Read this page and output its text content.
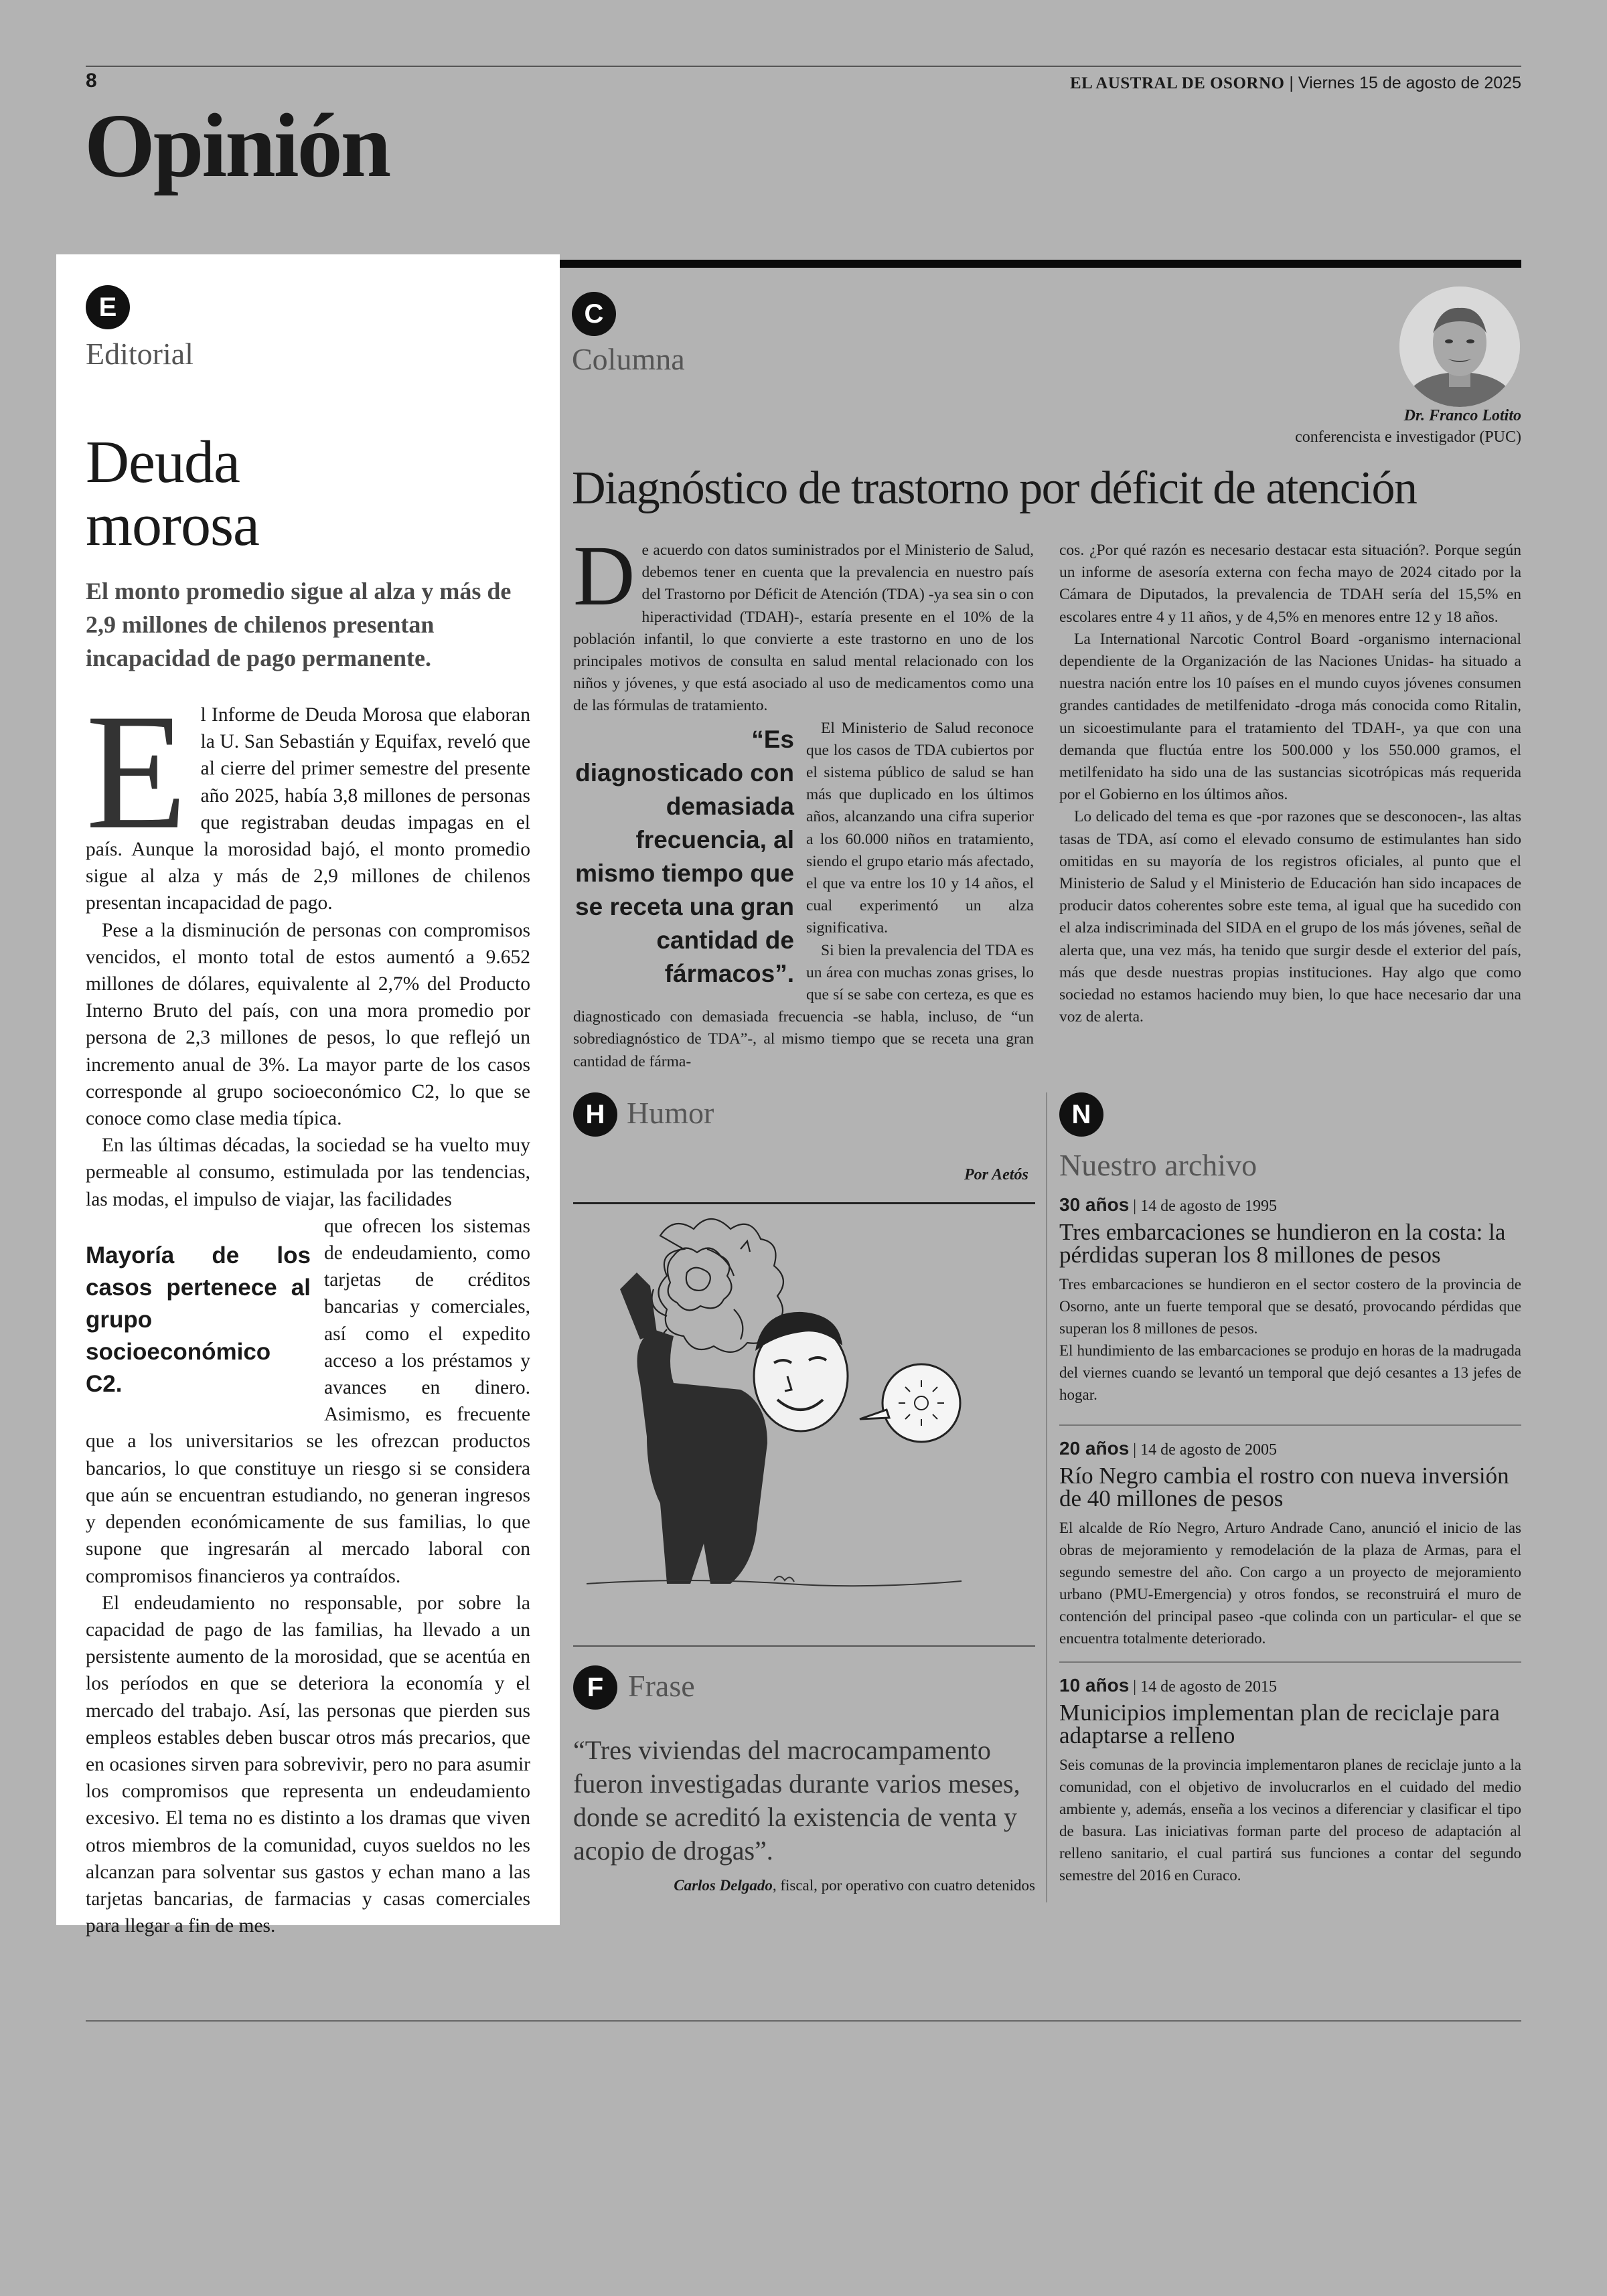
8	EL AUSTRAL DE OSORNO | Viernes 15 de agosto de 2025
Opinión
E
Editorial
Deuda
morosa
El monto promedio sigue al alza y más de 2,9 millones de chilenos presentan incapacidad de pago permanente.

El Informe de Deuda Morosa que elaboran la U. San Sebastián y Equifax, reveló que al cierre del primer semestre del presente año 2025, había 3,8 millones de personas que registraban deudas impagas en el país. Aunque la morosidad bajó, el monto promedio sigue al alza y más de 2,9 millones de chilenos presentan incapacidad de pago.

Pese a la disminución de personas con compromisos vencidos, el monto total de estos aumentó a 9.652 millones de dólares, equivalente al 2,7% del Producto Interno Bruto del país, con una mora promedio por persona de 2,3 millones de pesos, lo que reflejó un incremento anual de 3%. La mayor parte de los casos corresponde al grupo socioeconómico C2, lo que se conoce como clase media típica.

En las últimas décadas, la sociedad se ha vuelto muy permeable al consumo, estimulada por las tendencias, las modas, el impulso de viajar, las facilidades

Mayoría de los casos pertenece al grupo socioeconómico C2.
que ofrecen los sistemas de endeudamiento, como tarjetas de créditos bancarias y comerciales, así como el expedito acceso a los préstamos y avances en dinero. Asimismo, es frecuente que a los universitarios se les ofrezcan productos bancarios, lo que constituye un riesgo si se considera que aún se encuentran estudiando, no generan ingresos y dependen económicamente de sus familias, lo que supone que ingresarán al mercado laboral con compromisos financieros ya contraídos.

El endeudamiento no responsable, por sobre la capacidad de pago de las familias, ha llevado a un persistente aumento de la morosidad, que se acentúa en los períodos en que se deteriora la economía y el mercado del trabajo. Así, las personas que pierden sus empleos estables deben buscar otros más precarios, que en ocasiones sirven para sobrevivir, pero no para asumir los compromisos que representa un endeudamiento excesivo. El tema no es distinto a los dramas que viven otros miembros de la comunidad, cuyos sueldos no les alcanzan para solventar sus gastos y echan mano a las tarjetas bancarias, de farmacias y casas comerciales para llegar a fin de mes.

C
Columna
Dr. Franco Lotito
conferencista e investigador (PUC)
Diagnóstico de trastorno por déficit de atención

De acuerdo con datos suministrados por el Ministerio de Salud, debemos tener en cuenta que la prevalencia en nuestro país del Trastorno por Déficit de Atención (TDA) -ya sea sin o con hiperactividad (TDAH)-, estaría presente en el 10% de la población infantil, lo que convierte a este trastorno en uno de los principales motivos de consulta en salud mental relacionado con los niños y jóvenes, y que está asociado al uso de medicamentos como una de las fórmulas de tratamiento.

“Es diagnosticado con demasiada frecuencia, al mismo tiempo que se receta una gran cantidad de fármacos”.
El Ministerio de Salud reconoce que los casos de TDA cubiertos por el sistema público de salud se han más que duplicado en los últimos años, alcanzando una cifra superior a los 60.000 niños en tratamiento, siendo el grupo etario más afectado, el que va entre los 10 y 14 años, el cual experimentó un alza significativa.

Si bien la prevalencia del TDA es un área con muchas zonas grises, lo que sí se sabe con certeza, es que es diagnosticado con demasiada frecuencia -se habla, incluso, de “un sobrediagnóstico de TDA”-, al mismo tiempo que se receta una gran cantidad de fárma-

cos. ¿Por qué razón es necesario destacar esta situación?. Porque según un informe de asesoría externa con fecha mayo de 2024 citado por la Cámara de Diputados, la prevalencia de TDAH sería del 15,5% en escolares entre 4 y 11 años, y de 4,5% en menores entre 12 y 18 años.

La International Narcotic Control Board -organismo internacional dependiente de la Organización de las Naciones Unidas- ha situado a nuestra nación entre los 10 países en el mundo cuyos jóvenes consumen grandes cantidades de metilfenidato -droga más conocida como Ritalin, un sicoestimulante para el tratamiento del TDAH-, ya que con una demanda que fluctúa entre los 500.000 y los 550.000 gramos, el metilfenidato ha sido una de las sustancias sicotrópicas más requerida por el Gobierno en los últimos años.

Lo delicado del tema es que -por razones que se desconocen-, las altas tasas de TDA, así como el elevado consumo de estimulantes han sido omitidas en su mayoría de los registros oficiales, al punto que el Ministerio de Salud y el Ministerio de Educación han sido incapaces de producir datos coherentes sobre este tema, al igual que ha sucedido con el alza indiscriminada del SIDA en el grupo de los más jóvenes, señal de alerta que, una vez más, ha tenido que surgir desde el exterior del país, más que desde nuestras propias instituciones. Hay algo que como sociedad no estamos haciendo muy bien, lo que hace necesario dar una voz de alerta.

H Humor
Por Aetós
F Frase
“Tres viviendas del macrocampamento fueron investigadas durante varios meses, donde se acreditó la existencia de venta y acopio de drogas”.
Carlos Delgado, fiscal, por operativo con cuatro detenidos
N
Nuestro archivo
30 años | 14 de agosto de 1995
Tres embarcaciones se hundieron en la costa: la pérdidas superan los 8 millones de pesos

Tres embarcaciones se hundieron en el sector costero de la provincia de Osorno, ante un fuerte temporal que se desató, provocando pérdidas que superan los 8 millones de pesos.

El hundimiento de las embarcaciones se produjo en horas de la madrugada del viernes cuando se levantó un temporal que dejó cesantes a 13 jefes de hogar.

20 años | 14 de agosto de 2005
Río Negro cambia el rostro con nueva inversión de 40 millones de pesos

El alcalde de Río Negro, Arturo Andrade Cano, anunció el inicio de las obras de mejoramiento y remodelación de la plaza de Armas, para el segundo semestre del año. Con cargo a un proyecto de mejoramiento urbano (PMU-Emergencia) y otros fondos, se reconstruirá el muro de contención del principal paseo -que colinda con un particular- el que se encuentra totalmente deteriorado.

10 años | 14 de agosto de 2015
Municipios implementan plan de reciclaje para adaptarse a relleno

Seis comunas de la provincia implementaron planes de reciclaje junto a la comunidad, con el objetivo de involucrarlos en el cuidado del medio ambiente y, además, enseña a los vecinos a diferenciar y clasificar el tipo de basura. Las iniciativas forman parte del proceso de adaptación al relleno sanitario, el cual partirá sus funciones a contar del segundo semestre del 2016 en Curaco.
